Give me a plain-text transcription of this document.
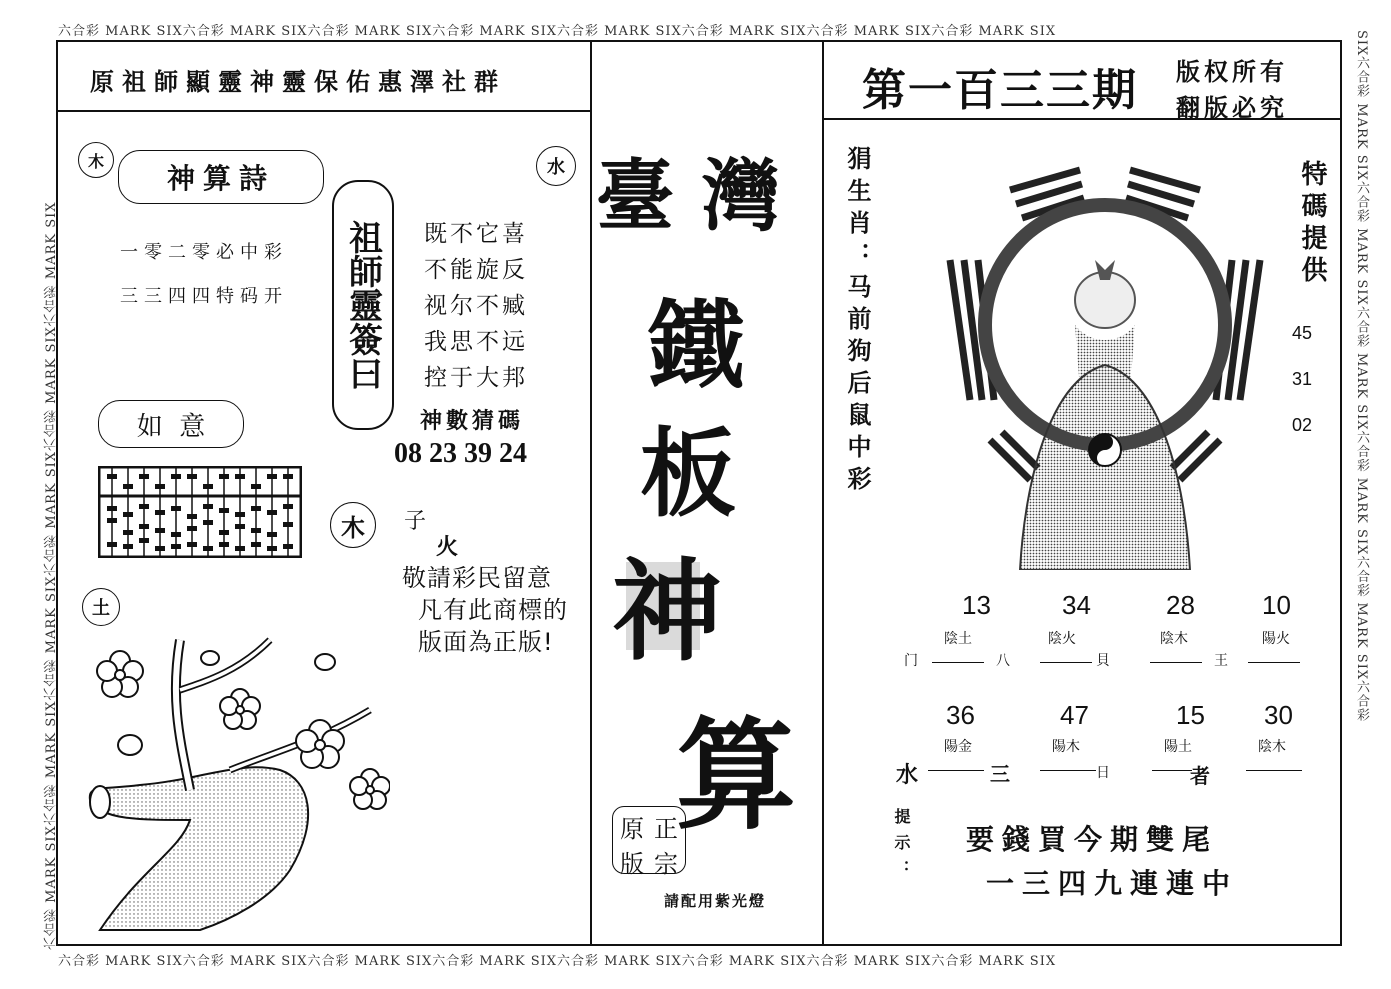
六合彩 MARK SIX六合彩 MARK SIX六合彩 MARK SIX六合彩 MARK SIX六合彩 MARK SIX六合彩 MARK SIX六合彩 MARK SIX六合彩 MARK SIX
六合彩 MARK SIX六合彩 MARK SIX六合彩 MARK SIX六合彩 MARK SIX六合彩 MARK SIX六合彩 MARK SIX六合彩 MARK SIX六合彩 MARK SIX
六合彩 MARK SIX六合彩 MARK SIX六合彩 MARK SIX六合彩 MARK SIX六合彩 MARK SIX六合彩 MARK SIX	SIX六合彩 MARK SIX六合彩 MARK SIX六合彩 MARK SIX六合彩 MARK SIX六合彩 MARK SIX六合彩
原祖師顯靈神靈保佑惠澤社群
木	水
神算詩
一零二零必中彩
三三四四特码开 祖師靈簽曰 既不它喜
不能旋反
视尔不臧
我思不远
控于大邦
如  意	神數猜碼
08 23 39 24
木 子
火
敬請彩民留意
凡有此商標的
版面為正版!
土
臺 灣
鐵
板
神
算
原 正
版 宗
請配用紫光燈
第一百三三期 版权所有
翻版必究
狷生肖：马前狗后鼠中彩	特碼提供
45
31
02
13	34	28	10
陰土	陰火	陰木	陽火
门	八	貝	王
36	47	15 30
陽金	陽木	陽土	陰木
水	三	日	者
提示： 要錢買今期雙尾
一三四九連連中
